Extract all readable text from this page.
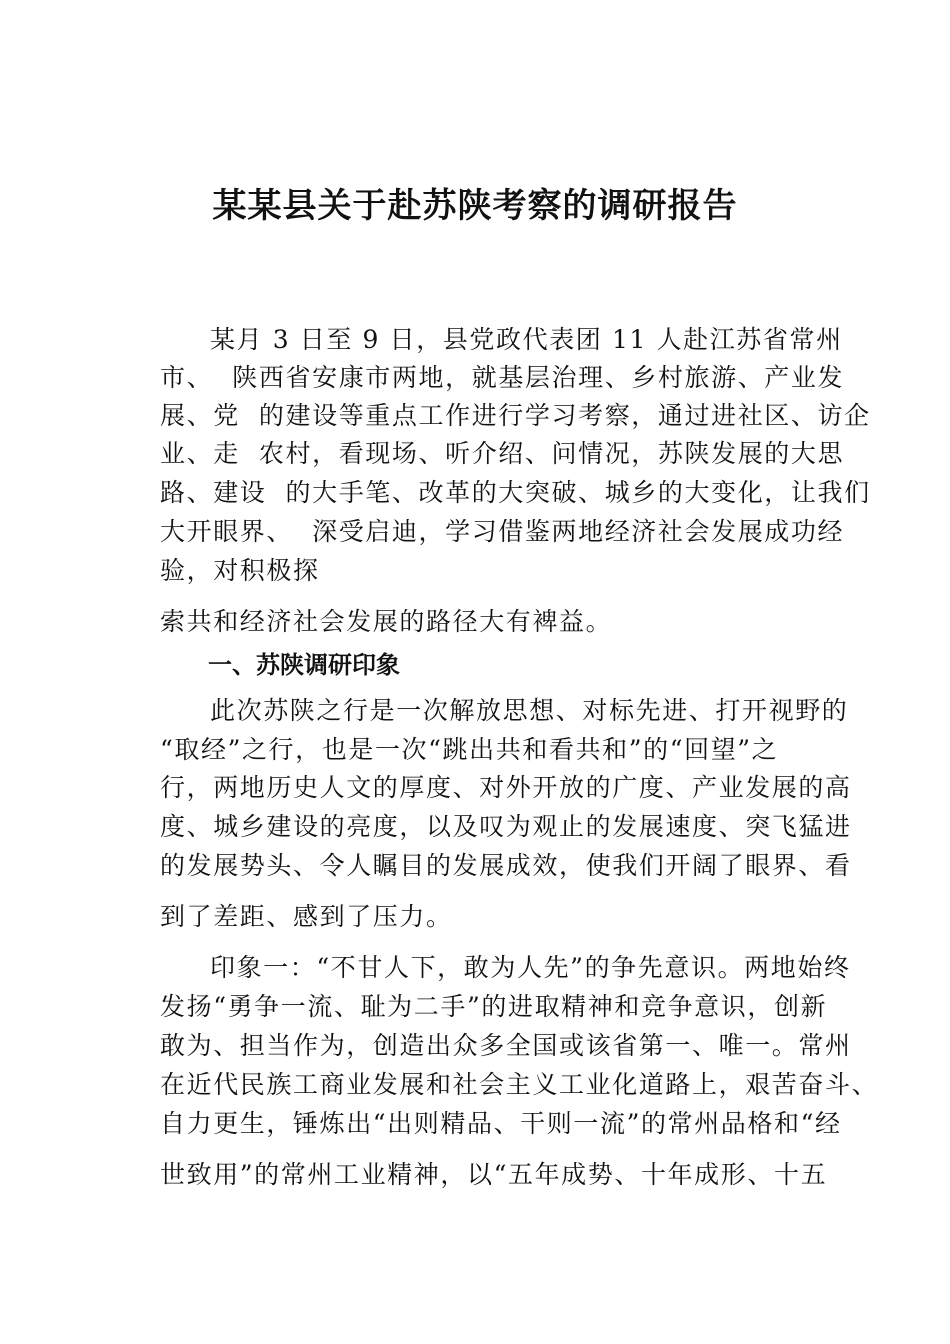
某某县关于赴苏陕考察的调研报告
某月 3 日至 9 日，县党政代表团 11 人赴江苏省常州
市、  陕西省安康市两地，就基层治理、乡村旅游、产业发
展、党  的建设等重点工作进行学习考察，通过进社区、访企
业、走  农村，看现场、听介绍、问情况，苏陕发展的大思
路、建设  的大手笔、改革的大突破、城乡的大变化，让我们
大开眼界、  深受启迪，学习借鉴两地经济社会发展成功经
验，对积极探
索共和经济社会发展的路径大有裨益。
一、苏陕调研印象
此次苏陕之行是一次解放思想、对标先进、打开视野的
“取经”之行，也是一次“跳出共和看共和”的“回望”之
行，两地历史人文的厚度、对外开放的广度、产业发展的高
度、城乡建设的亮度，以及叹为观止的发展速度、突飞猛进
的发展势头、令人瞩目的发展成效，使我们开阔了眼界、看
到了差距、感到了压力。
印象一：“不甘人下，敢为人先”的争先意识。两地始终
发扬“勇争一流、耻为二手”的进取精神和竞争意识，创新
敢为、担当作为，创造出众多全国或该省第一、唯一。常州
在近代民族工商业发展和社会主义工业化道路上，艰苦奋斗、
自力更生，锤炼出“出则精品、干则一流”的常州品格和“经
世致用”的常州工业精神，以“五年成势、十年成形、十五
